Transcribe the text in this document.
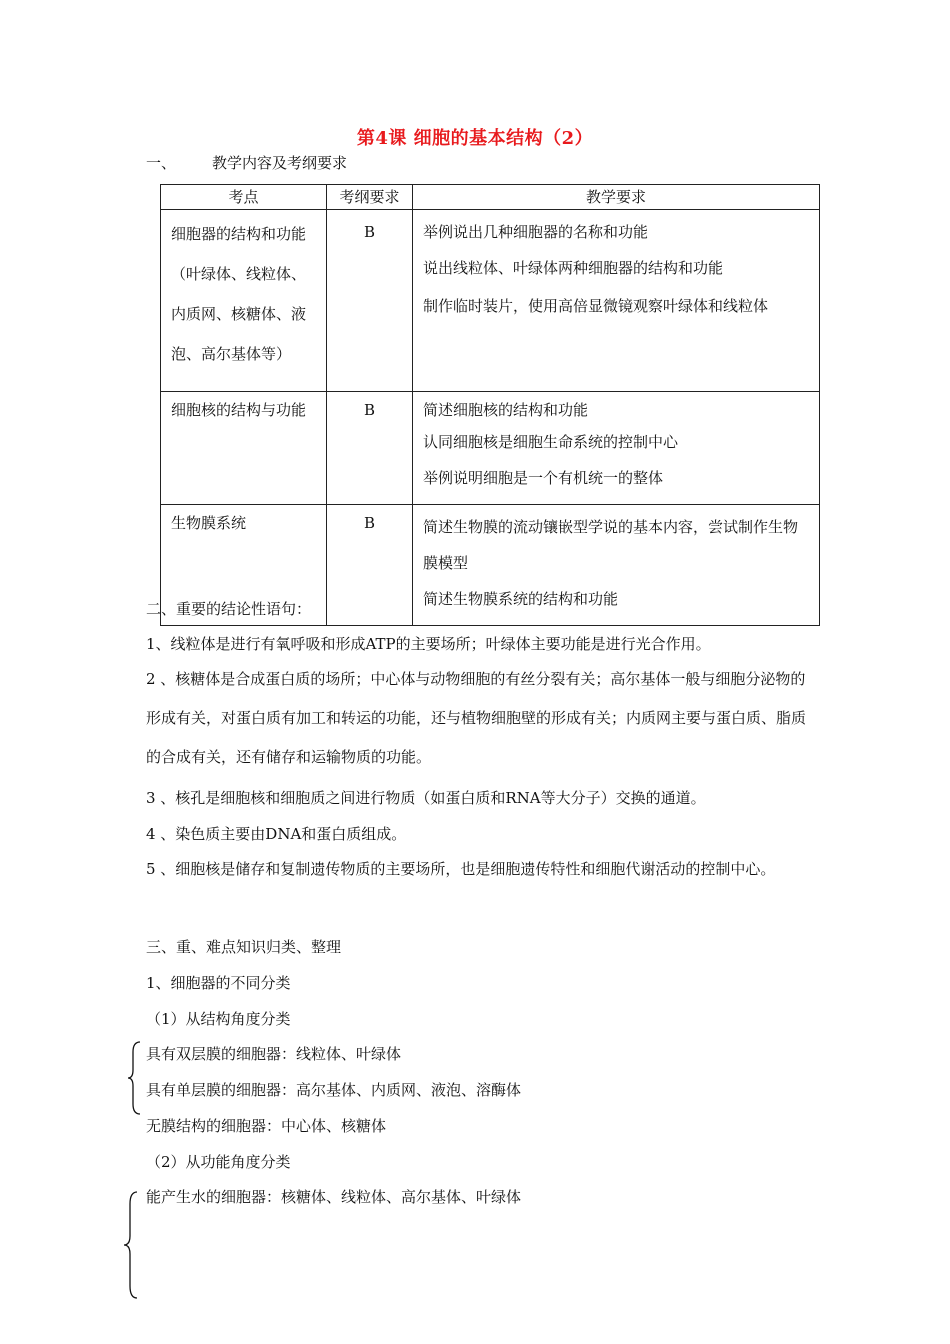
第4课 细胞的基本结构（2）
一、 教学内容及考纲要求
考点	考纲要求	教学要求
细胞器的结构和功能（叶绿体、线粒体、内质网、核糖体、液泡、高尔基体等）	B	举例说出几种细胞器的名称和功能
说出线粒体、叶绿体两种细胞器的结构和功能
制作临时装片，使用高倍显微镜观察叶绿体和线粒体

细胞核的结构与功能	B	简述细胞核的结构和功能
认同细胞核是细胞生命系统的控制中心
举例说明细胞是一个有机统一的整体

生物膜系统	B	简述生物膜的流动镶嵌型学说的基本内容，尝试制作生物膜模型
简述生物膜系统的结构和功能
二、重要的结论性语句：
1、线粒体是进行有氧呼吸和形成ATP的主要场所；叶绿体主要功能是进行光合作用。
2 、核糖体是合成蛋白质的场所；中心体与动物细胞的有丝分裂有关；高尔基体一般与细胞分泌物的形成有关，对蛋白质有加工和转运的功能，还与植物细胞壁的形成有关；内质网主要与蛋白质、脂质的合成有关，还有储存和运输物质的功能。
3 、核孔是细胞核和细胞质之间进行物质（如蛋白质和RNA等大分子）交换的通道。
4 、染色质主要由DNA和蛋白质组成。
5 、细胞核是储存和复制遗传物质的主要场所，也是细胞遗传特性和细胞代谢活动的控制中心。
三、重、难点知识归类、整理
1、细胞器的不同分类
（1）从结构角度分类
具有双层膜的细胞器：线粒体、叶绿体
具有单层膜的细胞器：高尔基体、内质网、液泡、溶酶体
无膜结构的细胞器：中心体、核糖体
（2）从功能角度分类
能产生水的细胞器：核糖体、线粒体、高尔基体、叶绿体
